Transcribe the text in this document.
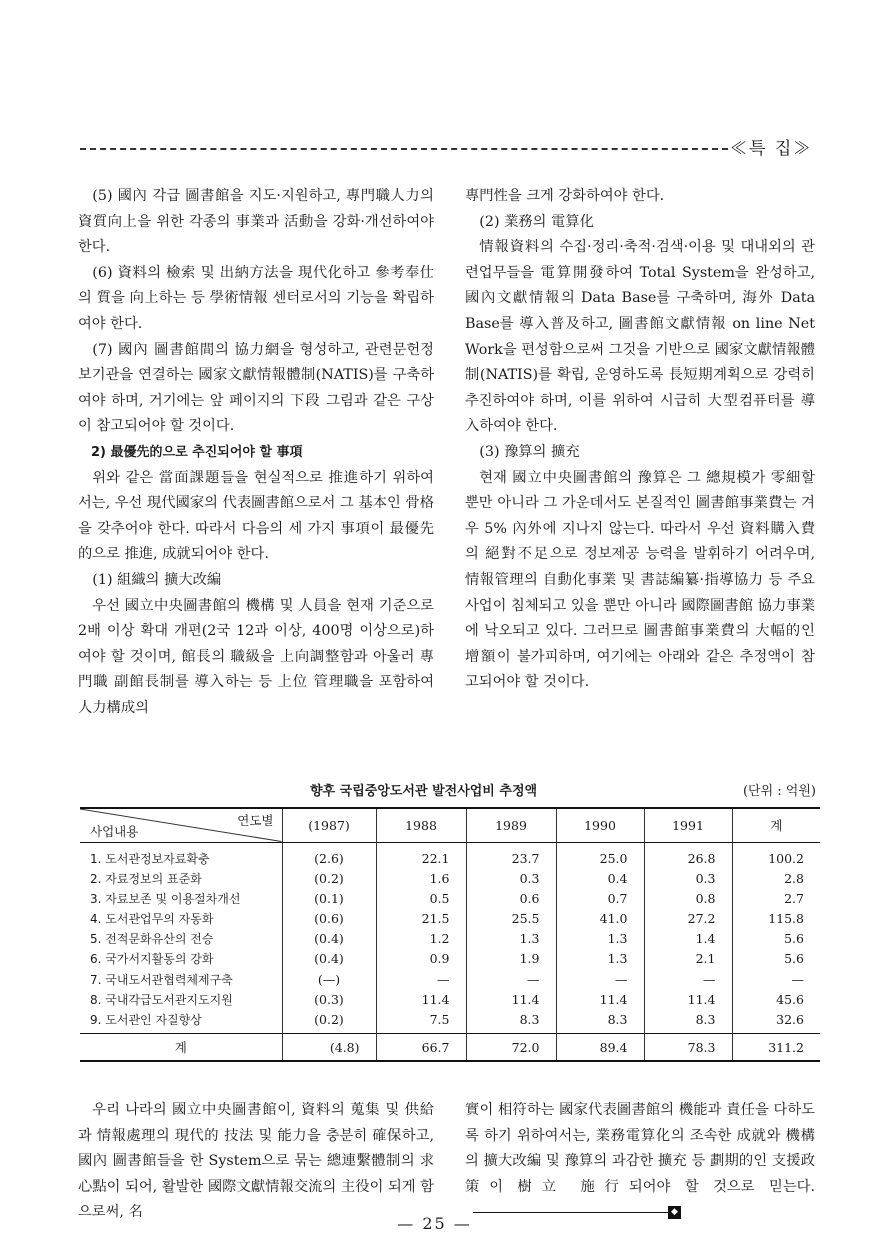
≪특 집≫

(5) 國內 각급 圖書館을 지도·지원하고, 專門職人力의 資質向上을 위한 각종의 事業과 活動을 강화·개선하여야 한다.

(6) 資料의 檢索 및 出納方法을 現代化하고 參考奉仕의 質을 向上하는 등 學術情報 센터로서의 기능을 확립하여야 한다.

(7) 國內 圖書館間의 協力網을 형성하고, 관련문헌정보기관을 연결하는 國家文獻情報體制(NATIS)를 구축하여야 하며, 거기에는 앞 페이지의 下段 그림과 같은 구상이 참고되어야 할 것이다.

2) 最優先的으로 추진되어야 할 事項

위와 같은 當面課題들을 현실적으로 推進하기 위하여서는, 우선 現代國家의 代表圖書館으로서 그 基本인 骨格을 갖추어야 한다. 따라서 다음의 세 가지 事項이 最優先的으로 推進, 成就되어야 한다.

(1) 組織의 擴大改編

우선 國立中央圖書館의 機構 및 人員을 현재 기준으로 2배 이상 확대 개편(2국 12과 이상, 400명 이상으로)하여야 할 것이며, 館長의 職級을 上向調整함과 아울러 專門職 副館長制를 導入하는 등 上位 管理職을 포함하여 人力構成의

專門性을 크게 강화하여야 한다.

(2) 業務의 電算化

情報資料의 수집·정리·축적·검색·이용 및 대내외의 관련업무들을 電算開發하여 Total System을 완성하고, 國內文獻情報의 Data Base를 구축하며, 海外 Data Base를 導入普及하고, 圖書館文獻情報 on line Net Work을 편성함으로써 그것을 기반으로 國家文獻情報體制(NATIS)를 확립, 운영하도록 長短期계획으로 강력히 추진하여야 하며, 이를 위하여 시급히 大型컴퓨터를 導入하여야 한다.

(3) 豫算의 擴充

현재 國立中央圖書館의 豫算은 그 總規模가 零細할 뿐만 아니라 그 가운데서도 본질적인 圖書館事業費는 겨우 5% 內外에 지나지 않는다. 따라서 우선 資料購入費의 絕對不足으로 정보제공 능력을 발휘하기 어려우며, 情報管理의 自動化事業 및 書誌編纂·指導協力 등 주요 사업이 침체되고 있을 뿐만 아니라 國際圖書館 協力事業에 낙오되고 있다. 그러므로 圖書館事業費의 大幅的인 增額이 불가피하며, 여기에는 아래와 같은 추정액이 참고되어야 할 것이다.

향후 국립중앙도서관 발전사업비 추정액	(단위 : 억원)
연도별
사업내용	(1987)	1988	1989	1990	1991	계
1. 도서관정보자료확충	(2.6)	22.1	23.7	25.0	26.8	100.2
2. 자료정보의 표준화	(0.2)	1.6	0.3	0.4	0.3	2.8
3. 자료보존 및 이용절차개선	(0.1)	0.5	0.6	0.7	0.8	2.7
4. 도서관업무의 자동화	(0.6)	21.5	25.5	41.0	27.2	115.8
5. 전적문화유산의 전승	(0.4)	1.2	1.3	1.3	1.4	5.6
6. 국가서지활동의 강화	(0.4)	0.9	1.9	1.3	2.1	5.6
7. 국내도서관협력체제구축	(—)	—	—	—	—	—
8. 국내각급도서관지도지원	(0.3)	11.4	11.4	11.4	11.4	45.6
9. 도서관인 자질향상	(0.2)	7.5	8.3	8.3	8.3	32.6
계	(4.8)	66.7	72.0	89.4	78.3	311.2

우리 나라의 國立中央圖書館이, 資料의 蒐集 및 供給과 情報處理의 現代的 技法 및 能力을 충분히 確保하고, 國內 圖書館들을 한 System으로 묶는 總連繫體制의 求心點이 되어, 활발한 國際文獻情報交流의 主役이 되게 함으로써, 名

實이 相符하는 國家代表圖書館의 機能과 責任을 다하도록 하기 위하여서는, 業務電算化의 조속한 成就와 機構의 擴大改編 및 豫算의 과감한 擴充 등 劃期的인 支援政策이 樹立 施行되어야 할 것으로 믿는다.◆

— 25 —
